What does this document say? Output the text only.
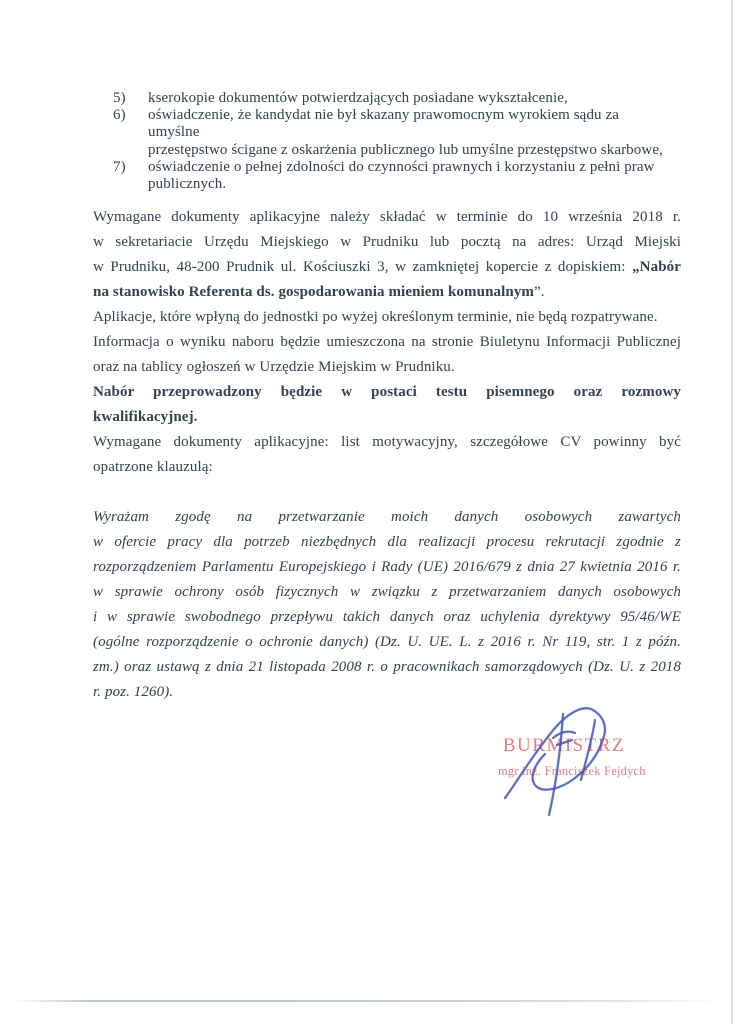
5)	kserokopie dokumentów potwierdzających posiadane wykształcenie,
6)	oświadczenie, że kandydat nie był skazany prawomocnym wyrokiem sądu za umyślne
przestępstwo ścigane z oskarżenia publicznego lub umyślne przestępstwo skarbowe,
7)	oświadczenie o pełnej zdolności do czynności prawnych i korzystaniu z pełni praw
publicznych.
Wymagane dokumenty aplikacyjne należy składać w terminie do 10 września 2018 r.
w sekretariacie Urzędu Miejskiego w Prudniku lub pocztą na adres: Urząd Miejski
w Prudniku, 48-200 Prudnik ul. Kościuszki 3, w zamkniętej kopercie z dopiskiem: „Nabór
na stanowisko Referenta ds. gospodarowania mieniem komunalnym”.
Aplikacje, które wpłyną do jednostki po wyżej określonym terminie, nie będą rozpatrywane.
Informacja o wyniku naboru będzie umieszczona na stronie Biuletynu Informacji Publicznej
oraz na tablicy ogłoszeń w Urzędzie Miejskim w Prudniku.
Nabór przeprowadzony będzie w postaci testu pisemnego oraz rozmowy
kwalifikacyjnej.
Wymagane dokumenty aplikacyjne: list motywacyjny, szczegółowe CV powinny być
opatrzone klauzulą:
Wyrażam zgodę na przetwarzanie moich danych osobowych zawartych
w ofercie pracy dla potrzeb niezbędnych dla realizacji procesu rekrutacji zgodnie z
rozporządzeniem Parlamentu Europejskiego i Rady (UE) 2016/679 z dnia 27 kwietnia 2016 r.
w sprawie ochrony osób fizycznych w związku z przetwarzaniem danych osobowych
i w sprawie swobodnego przepływu takich danych oraz uchylenia dyrektywy 95/46/WE
(ogólne rozporządzenie o ochronie danych) (Dz. U. UE. L. z 2016 r. Nr 119, str. 1 z późn.
zm.) oraz ustawą z dnia 21 listopada 2008 r. o pracownikach samorządowych (Dz. U. z 2018
r. poz. 1260).
BURMISTRZ
mgr inż. Franciszek Fejdych
